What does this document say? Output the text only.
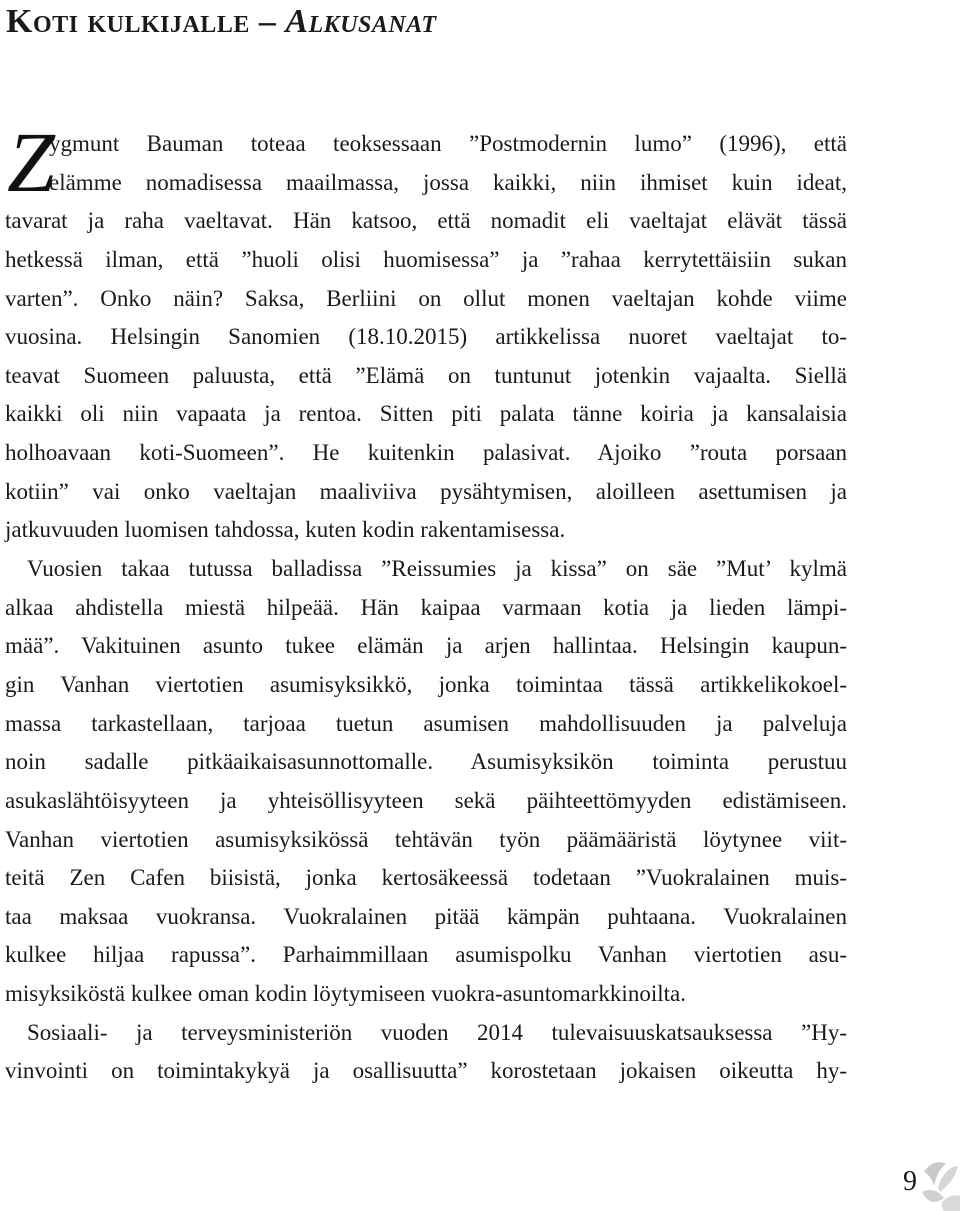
Koti kulkijalle – Alkusanat
Z
ygmunt Bauman toteaa teoksessaan ”Postmodernin lumo” (1996), että
elämme nomadisessa maailmassa, jossa kaikki, niin ihmiset kuin ideat,
tavarat ja raha vaeltavat. Hän katsoo, että nomadit eli vaeltajat elävät tässä
hetkessä ilman, että ”huoli olisi huomisessa” ja ”rahaa kerrytettäisiin sukan
varten”. Onko näin? Saksa, Berliini on ollut monen vaeltajan kohde viime
vuosina. Helsingin Sanomien (18.10.2015) artikkelissa nuoret vaeltajat to-
teavat Suomeen paluusta, että ”Elämä on tuntunut jotenkin vajaalta. Siellä
kaikki oli niin vapaata ja rentoa. Sitten piti palata tänne koiria ja kansalaisia
holhoavaan koti-Suomeen”. He kuitenkin palasivat. Ajoiko ”routa porsaan
kotiin” vai onko vaeltajan maaliviiva pysähtymisen, aloilleen asettumisen ja
jatkuvuuden luomisen tahdossa, kuten kodin rakentamisessa.
Vuosien takaa tutussa balladissa ”Reissumies ja kissa” on säe ”Mut’ kylmä
alkaa ahdistella miestä hilpeää. Hän kaipaa varmaan kotia ja lieden lämpi-
mää”. Vakituinen asunto tukee elämän ja arjen hallintaa. Helsingin kaupun-
gin Vanhan viertotien asumisyksikkö, jonka toimintaa tässä artikkelikokoel-
massa tarkastellaan, tarjoaa tuetun asumisen mahdollisuuden ja palveluja
noin sadalle pitkäaikaisasunnottomalle. Asumisyksikön toiminta perustuu
asukaslähtöisyyteen ja yhteisöllisyyteen sekä päihteettömyyden edistämiseen.
Vanhan viertotien asumisyksikössä tehtävän työn päämääristä löytynee viit-
teitä Zen Cafen biisistä, jonka kertosäkeessä todetaan ”Vuokralainen muis-
taa maksaa vuokransa. Vuokralainen pitää kämpän puhtaana. Vuokralainen
kulkee hiljaa rapussa”. Parhaimmillaan asumispolku Vanhan viertotien asu-
misyksiköstä kulkee oman kodin löytymiseen vuokra-asuntomarkkinoilta.
Sosiaali- ja terveysministeriön vuoden 2014 tulevaisuuskatsauksessa ”Hy-
vinvointi on toimintakykyä ja osallisuutta” korostetaan jokaisen oikeutta hy-
9
